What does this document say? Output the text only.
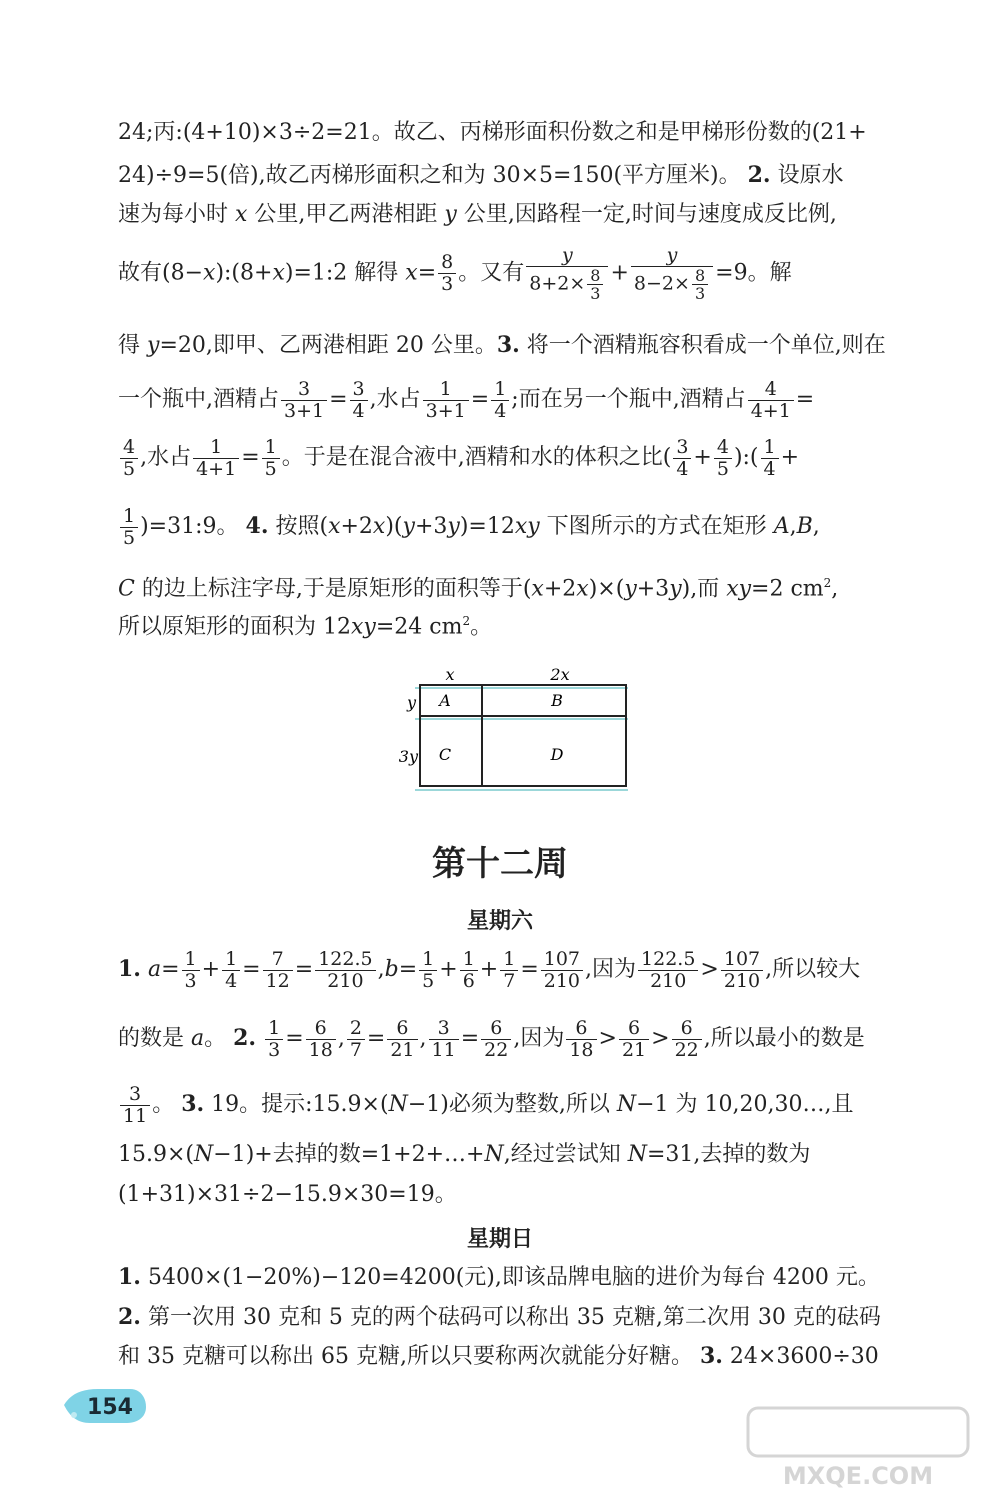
24;丙:(4+10)×3÷2=21。故乙、丙梯形面积份数之和是甲梯形份数的(21+
24)÷9=5(倍),故乙丙梯形面积之和为 30×5=150(平方厘米)。 2. 设原水
速为每小时 x 公里,甲乙两港相距 y 公里,因路程一定,时间与速度成反比例,
故有(8−x):(8+x)=1:2 解得 $x= \frac{8}{3}$ 。又有 $\frac{y}{8+2\times \frac{8}{3}} + \frac{y}{8-2\times \frac{8}{3}} =9$。解
得 y=20,即甲、乙两港相距 20 公里。3. 将一个酒精瓶容积看成一个单位,则在
一个瓶中,酒精占 $\frac{3}{3+1} = \frac{3}{4}$ ,水占 $\frac{1}{3+1} = \frac{1}{4}$ ;而在另一个瓶中,酒精占 $\frac{4}{4+1}$ =
$\frac{4}{5}$ ,水占 $\frac{1}{4+1} = \frac{1}{5}$ 。于是在混合液中,酒精和水的体积之比( $\frac{3}{4} + \frac{4}{5}$ ):( $\frac{1}{4}$ +
$\frac{1}{5}$ )=31:9。 4. 按照(x+2x)(y+3y)=12xy 下图所示的方式在矩形 A,B,
C 的边上标注字母,于是原矩形的面积等于(x+2x)×(y+3y),而 xy=2 $cm^2$,
所以原矩形的面积为 12xy=24 $cm^2$。
x	2x
y
3y
A	B
C	D
第十二周
星期六
1. $a= \frac{1}{3} + \frac{1}{4} = \frac{7}{12} = \frac{122.5}{210} ,b= \frac{1}{5} + \frac{1}{6} + \frac{1}{7} = \frac{107}{210}$ ,因为 $\frac{122.5}{210} > \frac{107}{210}$ ,所以较大
的数是 a。 2. $\frac{1}{3} = \frac{6}{18}$ , $\frac{2}{7} = \frac{6}{21}$ , $\frac{3}{11} = \frac{6}{22}$ ,因为 $\frac{6}{18} > \frac{6}{21} > \frac{6}{22}$ ,所以最小的数是
$\frac{3}{11}$ 。 3. 19。提示:15.9×(N−1)必须为整数,所以 N−1 为 10,20,30…,且
15.9×(N−1)+去掉的数=1+2+…+N,经过尝试知 N=31,去掉的数为
(1+31)×31÷2−15.9×30=19。
星期日
1. 5400×(1−20%)−120=4200(元),即该品牌电脑的进价为每台 4200 元。
2. 第一次用 30 克和 5 克的两个砝码可以称出 35 克糖,第二次用 30 克的砝码
和 35 克糖可以称出 65 克糖,所以只要称两次就能分好糖。 3. 24×3600÷30
154
MXQE.COM
